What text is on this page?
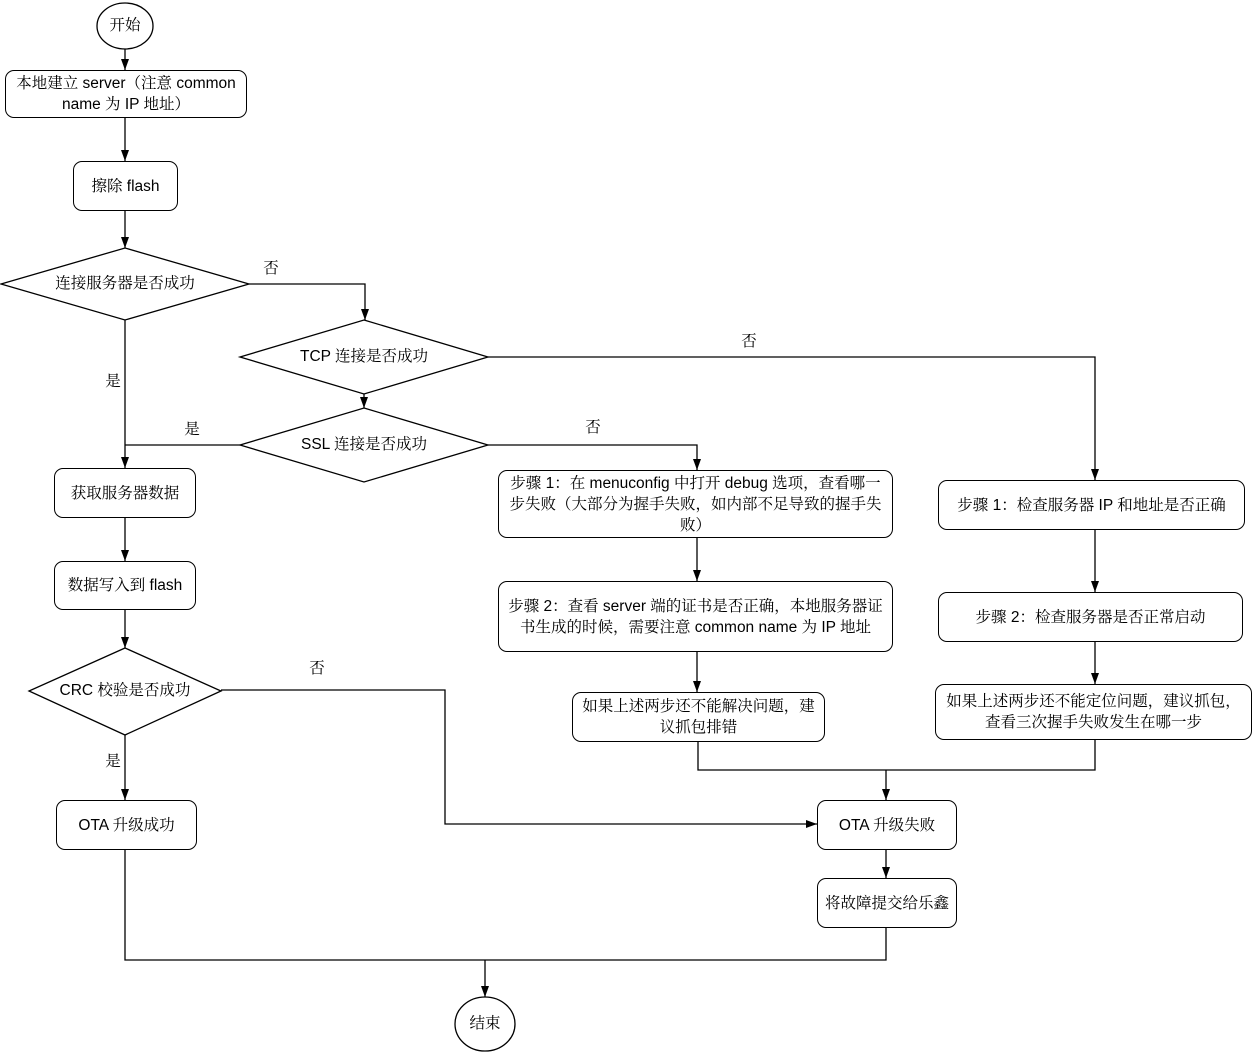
本地建立 server（注意 common name 为 IP 地址）
擦除 flash
获取服务器数据
数据写入到 flash
OTA 升级成功
步骤 1：在 menuconfig 中打开 debug 选项，查看哪一步失败（大部分为握手失败，如内部不足导致的握手失败）
步骤 2：查看 server 端的证书是否正确，本地服务器证书生成的时候，需要注意 common name 为 IP 地址
如果上述两步还不能解决问题，建议抓包排错
步骤 1：检查服务器 IP 和地址是否正确
步骤 2：检查服务器是否正常启动
如果上述两步还不能定位问题，建议抓包，查看三次握手失败发生在哪一步
OTA 升级失败
将故障提交给乐鑫
开始
连接服务器是否成功
TCP 连接是否成功
SSL 连接是否成功
CRC 校验是否成功
结束
否
是
是	否
否
否
是
